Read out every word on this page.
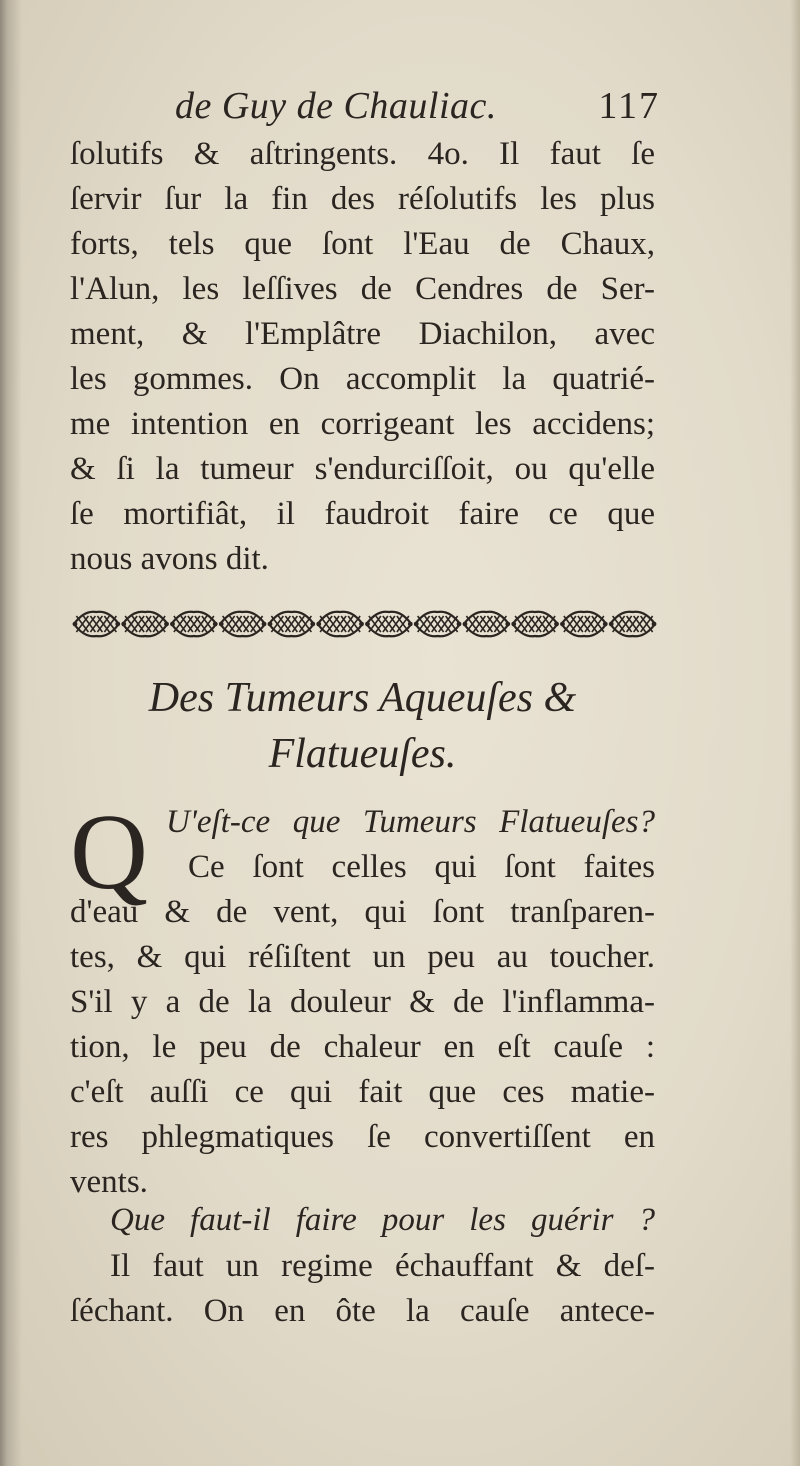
de Guy de Chauliac.	117
ſolutifs & aſtringents. 4o. Il faut ſe
ſervir ſur la fin des réſolutifs les plus
forts, tels que ſont l'Eau de Chaux,
l'Alun, les leſſives de Cendres de Ser-
ment, & l'Emplâtre Diachilon, avec
les gommes. On accomplit la quatrié-
me intention en corrigeant les accidens;
& ſi la tumeur s'endurciſſoit, ou qu'elle
ſe mortifiât, il faudroit faire ce que
nous avons dit.
Des Tumeurs Aqueuſes &
Flatueuſes.
Q U'eſt-ce que Tumeurs Flatueuſes?
Ce ſont celles qui ſont faites
d'eau & de vent, qui ſont tranſparen-
tes, & qui réſiſtent un peu au toucher.
S'il y a de la douleur & de l'inflamma-
tion, le peu de chaleur en eſt cauſe :
c'eſt auſſi ce qui fait que ces matie-
res phlegmatiques ſe convertiſſent en
vents.
Que faut-il faire pour les guérir ?
Il faut un regime échauffant & deſ-
ſéchant. On en ôte la cauſe antece-
